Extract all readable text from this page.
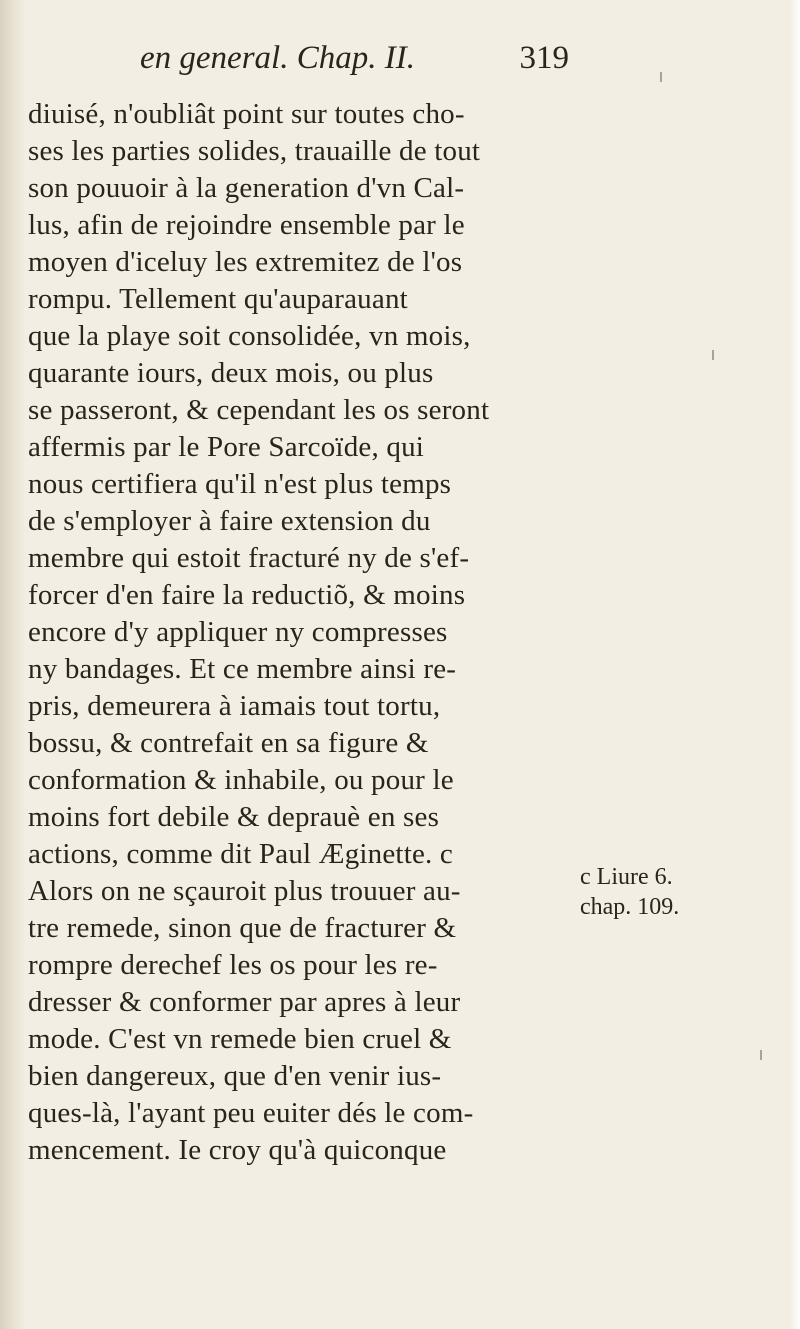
en general. Chap. II.	319
diuisé, n'oubliât point sur toutes cho-
ses les parties solides, trauaille de tout
son pouuoir à la generation d'vn Cal-
lus, afin de rejoindre ensemble par le
moyen d'iceluy les extremitez de l'os
rompu. Tellement qu'auparauant
que la playe soit consolidée, vn mois,
quarante iours, deux mois, ou plus
se passeront, & cependant les os seront
affermis par le Pore Sarcoïde, qui
nous certifiera qu'il n'est plus temps
de s'employer à faire extension du
membre qui estoit fracturé ny de s'ef-
forcer d'en faire la reductiõ, & moins
encore d'y appliquer ny compresses
ny bandages. Et ce membre ainsi re-
pris, demeurera à iamais tout tortu,
bossu, & contrefait en sa figure &
conformation & inhabile, ou pour le
moins fort debile & deprauè en ses
actions, comme dit Paul Æginette. c
Alors on ne sçauroit plus trouuer au-
tre remede, sinon que de fracturer &
rompre derechef les os pour les re-
dresser & conformer par apres à leur
mode. C'est vn remede bien cruel &
bien dangereux, que d'en venir ius-
ques-là, l'ayant peu euiter dés le com-
mencement. Ie croy qu'à quiconque
c Liure 6.
chap. 109.
